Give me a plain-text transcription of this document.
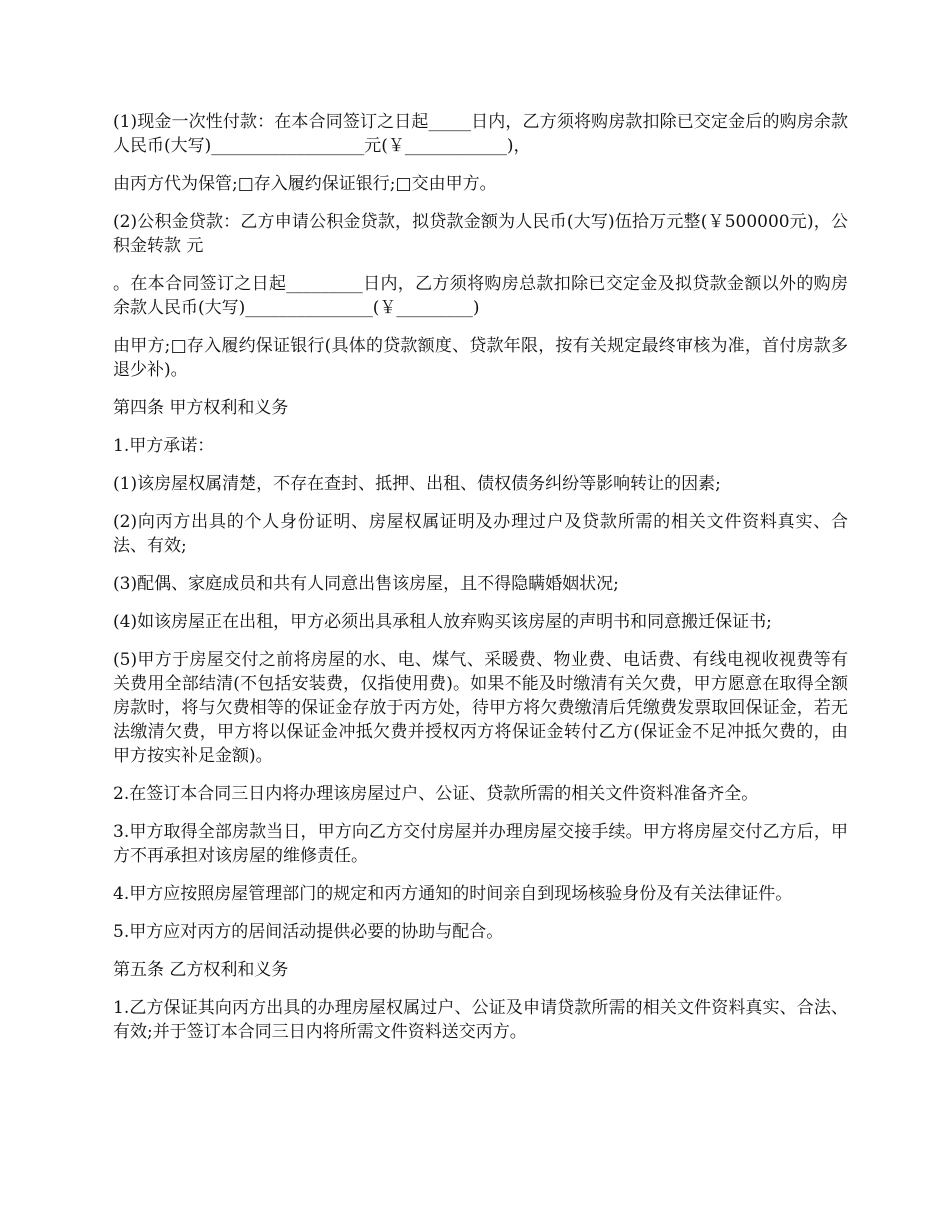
(1)现金一次性付款：在本合同签订之日起_____日内，乙方须将购房款扣除已交定金后的购房余款人民币(大写)__________________元(￥____________)，

由丙方代为保管;□存入履约保证银行;□交由甲方。

(2)公积金贷款：乙方申请公积金贷款，拟贷款金额为人民币(大写)伍拾万元整(￥500000元)，公积金转款 元

。在本合同签订之日起_________日内，乙方须将购房总款扣除已交定金及拟贷款金额以外的购房余款人民币(大写)_______________(￥_________)

由甲方;□存入履约保证银行(具体的贷款额度、贷款年限，按有关规定最终审核为准，首付房款多退少补)。

第四条 甲方权利和义务

1.甲方承诺：

(1)该房屋权属清楚，不存在查封、抵押、出租、债权债务纠纷等影响转让的因素;

(2)向丙方出具的个人身份证明、房屋权属证明及办理过户及贷款所需的相关文件资料真实、合法、有效;

(3)配偶、家庭成员和共有人同意出售该房屋，且不得隐瞒婚姻状况;

(4)如该房屋正在出租，甲方必须出具承租人放弃购买该房屋的声明书和同意搬迁保证书;

(5)甲方于房屋交付之前将房屋的水、电、煤气、采暖费、物业费、电话费、有线电视收视费等有关费用全部结清(不包括安装费，仅指使用费)。如果不能及时缴清有关欠费，甲方愿意在取得全额房款时，将与欠费相等的保证金存放于丙方处，待甲方将欠费缴清后凭缴费发票取回保证金，若无法缴清欠费，甲方将以保证金冲抵欠费并授权丙方将保证金转付乙方(保证金不足冲抵欠费的，由甲方按实补足金额)。

2.在签订本合同三日内将办理该房屋过户、公证、贷款所需的相关文件资料准备齐全。

3.甲方取得全部房款当日，甲方向乙方交付房屋并办理房屋交接手续。甲方将房屋交付乙方后，甲方不再承担对该房屋的维修责任。

4.甲方应按照房屋管理部门的规定和丙方通知的时间亲自到现场核验身份及有关法律证件。

5.甲方应对丙方的居间活动提供必要的协助与配合。

第五条 乙方权利和义务

1.乙方保证其向丙方出具的办理房屋权属过户、公证及申请贷款所需的相关文件资料真实、合法、有效;并于签订本合同三日内将所需文件资料送交丙方。
